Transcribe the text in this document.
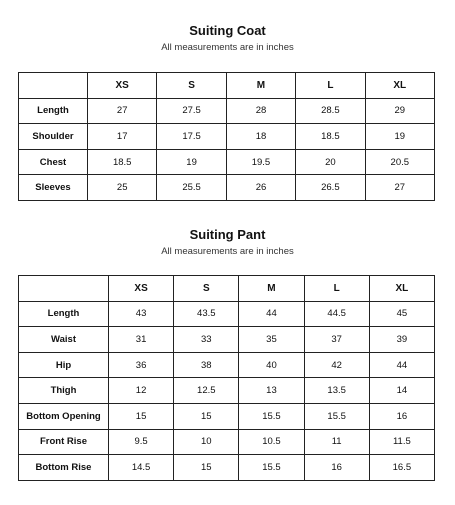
Suiting Coat
All measurements are in inches
	XS	S	M	L	XL
Length	27	27.5	28	28.5	29
Shoulder	17	17.5	18	18.5	19
Chest	18.5	19	19.5	20	20.5
Sleeves	25	25.5	26	26.5	27
Suiting Pant
All measurements are in inches
	XS	S	M	L	XL
Length	43	43.5	44	44.5	45
Waist	31	33	35	37	39
Hip	36	38	40	42	44
Thigh	12	12.5	13	13.5	14
Bottom Opening	15	15	15.5	15.5	16
Front Rise	9.5	10	10.5	11	11.5
Bottom Rise	14.5	15	15.5	16	16.5
